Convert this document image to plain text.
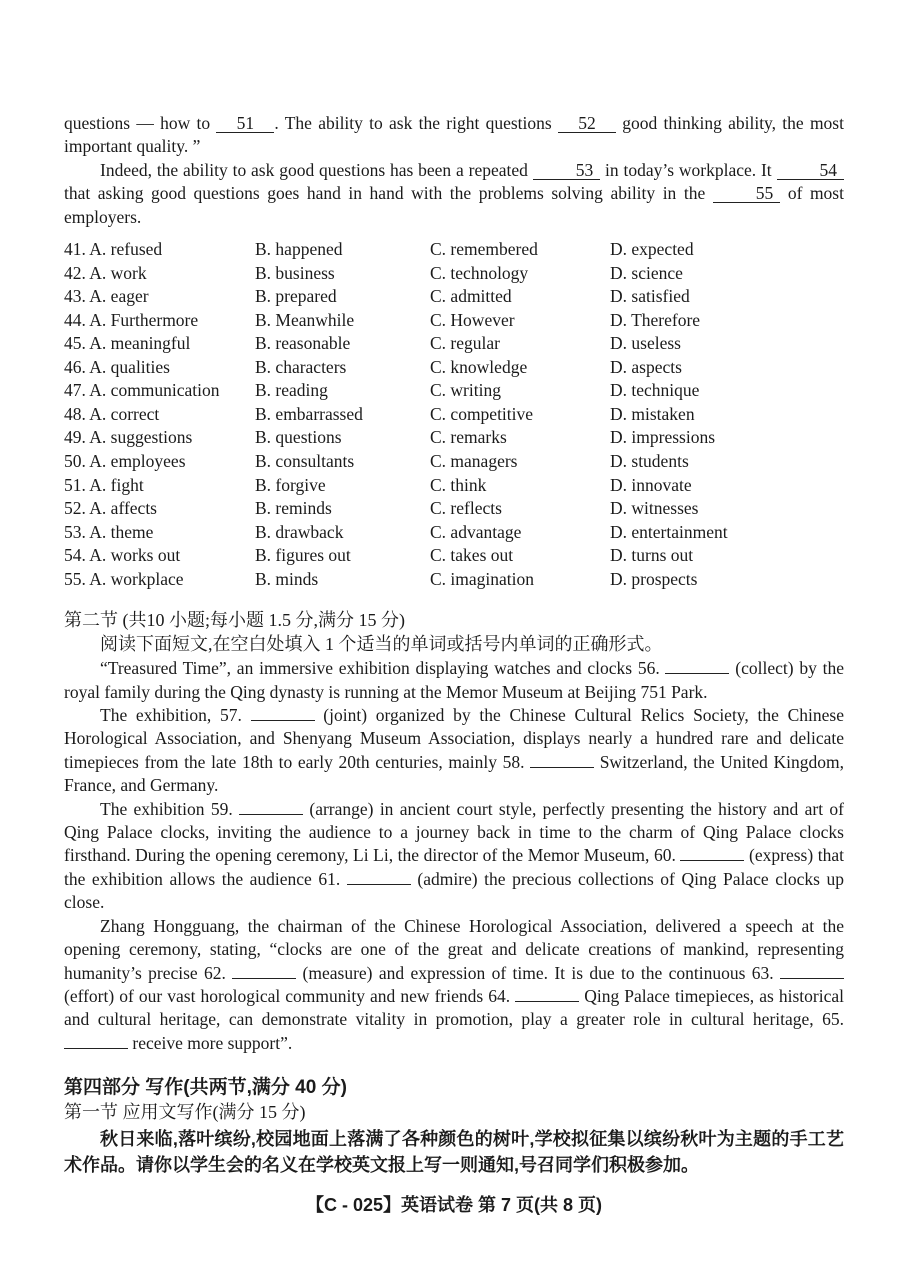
questions — how to 51 . The ability to ask the right questions 52 good thinking ability, the most important quality. ”

Indeed, the ability to ask good questions has been a repeated 53 in today’s workplace. It 54 that asking good questions goes hand in hand with the problems solving ability in the 55 of most employers.

41. A. refused	B. happened	C. remembered	D. expected
42. A. work	B. business	C. technology	D. science
43. A. eager	B. prepared	C. admitted	D. satisfied
44. A. Furthermore	B. Meanwhile	C. However	D. Therefore
45. A. meaningful	B. reasonable	C. regular	D. useless
46. A. qualities	B. characters	C. knowledge	D. aspects
47. A. communication	B. reading	C. writing	D. technique
48. A. correct	B. embarrassed	C. competitive	D. mistaken
49. A. suggestions	B. questions	C. remarks	D. impressions
50. A. employees	B. consultants	C. managers	D. students
51. A. fight	B. forgive	C. think	D. innovate
52. A. affects	B. reminds	C. reflects	D. witnesses
53. A. theme	B. drawback	C. advantage	D. entertainment
54. A. works out	B. figures out	C. takes out	D. turns out
55. A. workplace	B. minds	C. imagination	D. prospects

第二节 (共10 小题;每小题 1.5 分,满分 15 分)

阅读下面短文,在空白处填入 1 个适当的单词或括号内单词的正确形式。

“Treasured Time”, an immersive exhibition displaying watches and clocks 56.	(collect) by the royal family during the Qing dynasty is running at the Memor Museum at Beijing 751 Park.

The exhibition, 57.	(joint) organized by the Chinese Cultural Relics Society, the Chinese Horological Association, and Shenyang Museum Association, displays nearly a hundred rare and delicate timepieces from the late 18th to early 20th centuries, mainly 58.	Switzerland, the United Kingdom, France, and Germany.

The exhibition 59.	(arrange) in ancient court style, perfectly presenting the history and art of Qing Palace clocks, inviting the audience to a journey back in time to the charm of Qing Palace clocks firsthand. During the opening ceremony, Li Li, the director of the Memor Museum, 60.	(express) that the exhibition allows the audience 61.	(admire) the precious collections of Qing Palace clocks up close.

Zhang Hongguang, the chairman of the Chinese Horological Association, delivered a speech at the opening ceremony, stating, “clocks are one of the great and delicate creations of mankind, representing humanity’s precise 62.	(measure) and expression of time. It is due to the continuous 63.  (effort) of our vast horological community and new friends 64.	Qing Palace timepieces, as historical and cultural heritage, can demonstrate vitality in promotion, play a greater role in cultural heritage, 65.  receive more support”.

第四部分 写作(共两节,满分 40 分)

第一节 应用文写作(满分 15 分)

秋日来临,落叶缤纷,校园地面上落满了各种颜色的树叶,学校拟征集以缤纷秋叶为主题的手工艺术作品。请你以学生会的名义在学校英文报上写一则通知,号召同学们积极参加。

【C - 025】英语试卷 第 7 页(共 8 页)
